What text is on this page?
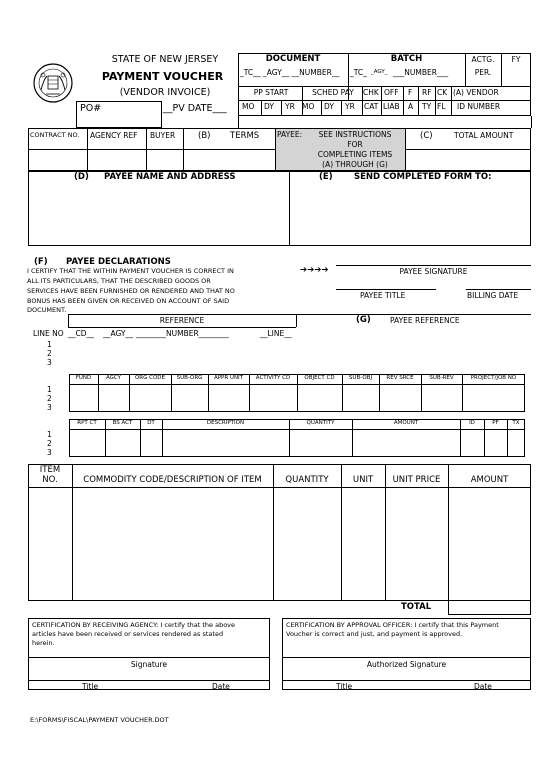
STATE OF NEW JERSEY
PAYMENT VOUCHER
(VENDOR INVOICE)
PO#	__PV DATE___
DOCUMENT
_TC__ _AGY__ __NUMBER__
BATCH
_TC_ _AGY_ ___NUMBER___
ACTG.
PER.
FY
PP START	SCHED PAY	CHK OFF F RF CK (A) VENDOR
MO DY YR MO DY YR CAT LIAB A TY FL ID NUMBER
CONTRACT NO. AGENCY REF BUYER	(B) TERMS PAYEE:	SEE INSTRUCTIONS
FOR
COMPLETING ITEMS
(A) THROUGH (G)
(C)	TOTAL AMOUNT
(D) PAYEE NAME AND ADDRESS	(E)	SEND COMPLETED FORM TO:
(F) PAYEE DECLARATIONS
I CERTIFY THAT THE WITHIN PAYMENT VOUCHER IS CORRECT IN
ALL ITS PARTICULARS, THAT THE DESCRIBED GOODS OR
SERVICES HAVE BEEN FURNISHED OR RENDERED AND THAT NO
BONUS HAS BEEN GIVEN OR RECEIVED ON ACCOUNT OF SAID
DOCUMENT.
➔➔➔➔	PAYEE SIGNATURE
PAYEE TITLE	BILLING DATE
REFERENCE	(G)	PAYEE REFERENCE
LINE NO __CD__ __AGY__ ________NUMBER________	__LINE__
1
2
3
FUND	AGCY	ORG CODE	SUB-ORG	APPR UNIT	ACTIVITY CD	OBJECT CD	SUB-OBJ	REV SRCE	SUB-REV	PROJECT/JOB NO
1
2
3
RPT CT	BS ACT	DT	DESCRIPTION	QUANTITY	AMOUNT	ID	PF	TX
1
2
3
ITEM
NO.	COMMODITY CODE/DESCRIPTION OF ITEM	QUANTITY	UNIT	UNIT PRICE	AMOUNT
TOTAL
CERTIFICATION BY RECEIVING AGENCY: I certify that the above
articles have been received or services rendered as stated
herein.
CERTIFICATION BY APPROVAL OFFICER: I certify that this Payment
Voucher is correct and just, and payment is approved.
Signature	Authorized Signature
Title	Date	Title	Date
E:\FORMS\FISCAL\PAYMENT VOUCHER.DOT
